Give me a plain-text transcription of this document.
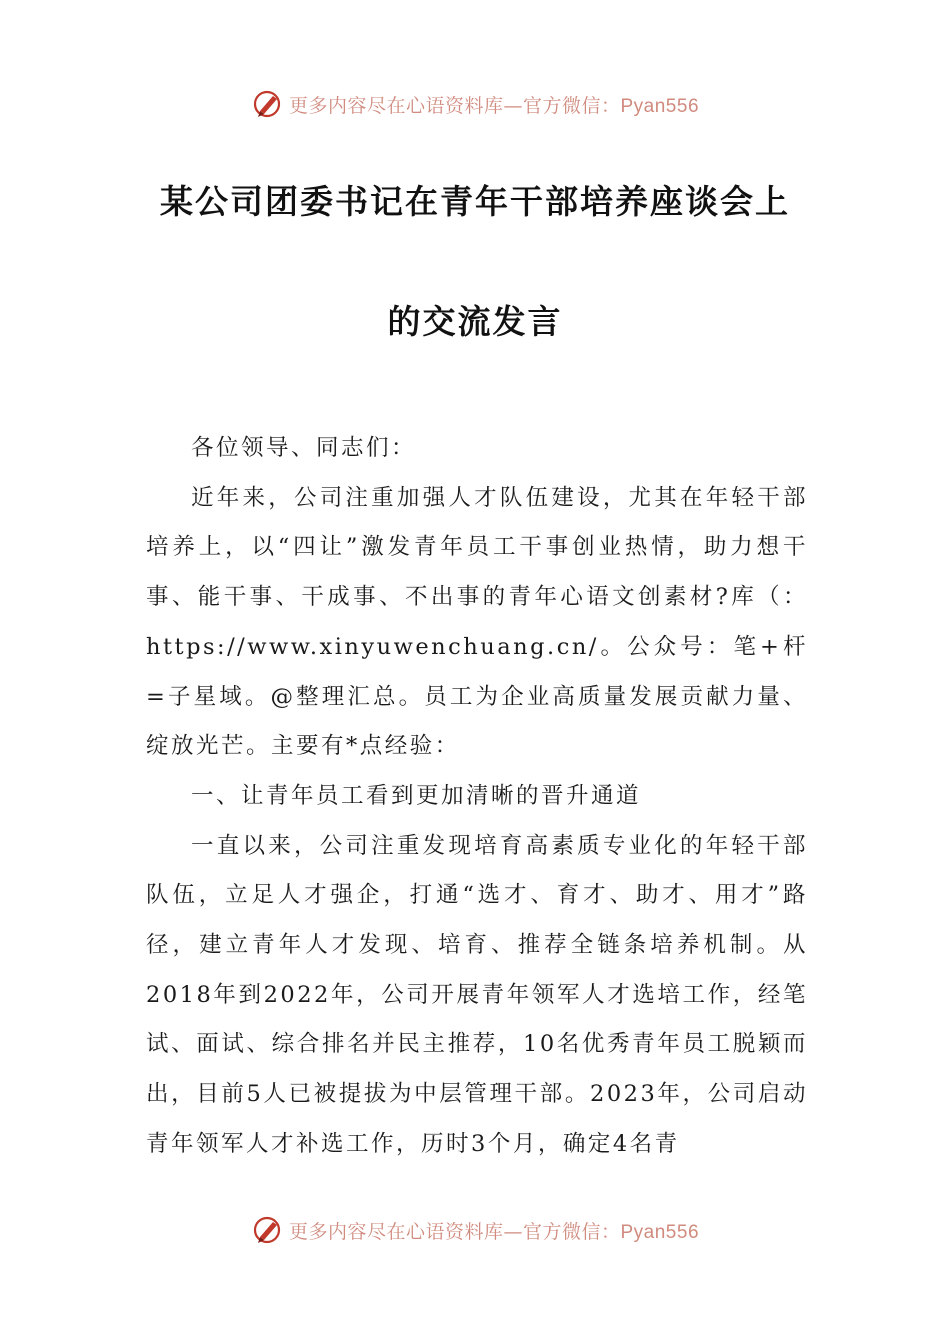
更多内容尽在心语资料库—官方微信：Pyan556
某公司团委书记在青年干部培养座谈会上
的交流发言

各位领导、同志们：

近年来，公司注重加强人才队伍建设，尤其在年轻干部培养上，以“四让”激发青年员工干事创业热情，助力想干事、能干事、干成事、不出事的青年心语文创素材?库（：https://www.xinyuwenchuang.cn/。公众号：笔+杆=子星域。@整理汇总。员工为企业高质量发展贡献力量、绽放光芒。主要有*点经验：

一、让青年员工看到更加清晰的晋升通道

一直以来，公司注重发现培育高素质专业化的年轻干部队伍，立足人才强企，打通“选才、育才、助才、用才”路径，建立青年人才发现、培育、推荐全链条培养机制。从2018年到2022年，公司开展青年领军人才选培工作，经笔试、面试、综合排名并民主推荐，10名优秀青年员工脱颖而出，目前5人已被提拔为中层管理干部。2023年，公司启动青年领军人才补选工作，历时3个月，确定4名青

更多内容尽在心语资料库—官方微信：Pyan556
